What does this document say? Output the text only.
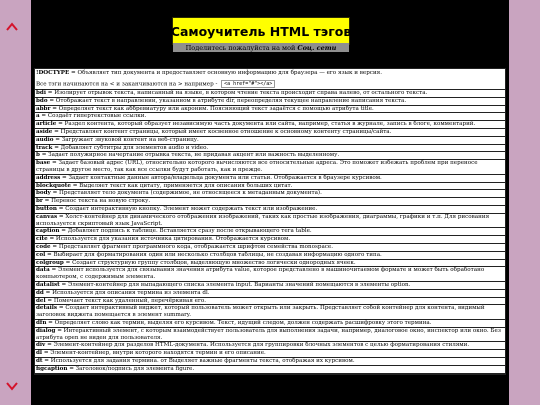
Самоучитель HTML тэгов
Поделитесь пожалуйста на мой
Соц. сети
!DOCTYPE = Объявляет тип документа и предоставляет основную информацию для браузера — его язык и версия.
Все тэги начинаются на < и заканчиваются на > например - <a href="#"></a>
bdi = Изолирует отрывок текста, написанный на языке, в котором чтение текста происходит справа налево, от остального текста.
bdo = Отображает текст в направлении, указанном в атрибуте dir, переопределяя текущее направление написания текста.
abbr = Определяет текст как аббревиатуру или акроним. Поясняющий текст задаётся с помощью атрибута title.
a = Создаёт гипертекстовые ссылки.
article = Раздел контента, который образует независимую часть документа или сайта, например, статья в журнале, запись в блоге, комментарий.
aside = Представляет контент страницы, который имеет косвенное отношение к основному контенту страницы/сайта.
audio = Загружает звуковой контент на веб-страницу.
track = Добавляет субтитры для элементов audio и video.
b = Задает полужирное начертание отрывка текста, не придавая акцент или важность выделенному.
base = Задает базовый адрес (URL), относительно которого вычисляются все относительные адреса. Это поможет избежать проблем при переносе страницы в другое место, так как все ссылки будут работать, как и прежде.
address = Задает контактные данные автора/владельца документа или статьи. Отображается в браузере курсивом.
blockquote = Выделяет текст как цитату, применяется для описания больших цитат.
body = Представляет тело документа (содержимое, не относящееся к метаданным документа).
br = Перенос текста на новую строку.
button = Создает интерактивную кнопку. Элемент может содержать текст или изображение.
canvas = Холст-контейнер для динамического отображения изображений, таких как простые изображения, диаграммы, графики и т.п. Для рисования используется скриптовый язык JavaScript.
caption = Добавляет подпись к таблице. Вставляется сразу после открывающего тега table.
cite = Используется для указания источника цитирования. Отображается курсивом.
code = Представляет фрагмент программного кода, отображается шрифтом семейства monospace.
col = Выбирает для форматирования один или несколько столбцов таблицы, не создавая информацию одного типа.
colgroup = Создает структурную группу столбцов, выделяющую множество логически однородных ячеек.
data = Элемент используется для связывания значения атрибута value, которое представлено в машиночитаемом формате и может быть обработано компьютером, с содержимым элемента.
datalist = Элемент-контейнер для выпадающего списка элемента input. Варианты значений помещаются в элементы option.
dd = Используется для описания термина из элемента dl.
del = Помечает текст как удаленный, перечёркивая его.
details = Создает интерактивный виджет, который пользователь может открыть или закрыть. Представляет собой контейнер для контента, видимый заголовок виджета помещается в элемент summary.
dfn = Определяет слово как термин, выделяя его курсивом. Текст, идущий следом, должен содержать расшифровку этого термина.
dialog = Интерактивный элемент, с которым взаимодействует пользователь для выполнения задачи, например, диалоговое окно, инспектор или окно. Без атрибута open не виден для пользователя.
div = Элемент-контейнер для разделов HTML-документа. Используется для группировки блочных элементов с целью форматирования стилями.
dl = Элемент-контейнер, внутри которого находятся термин и его описание.
dt = Используется для задания термина. от Выделяет важные фрагменты текста, отображая их курсивом.
figcaption = Заголовок/подпись для элемента figure.
